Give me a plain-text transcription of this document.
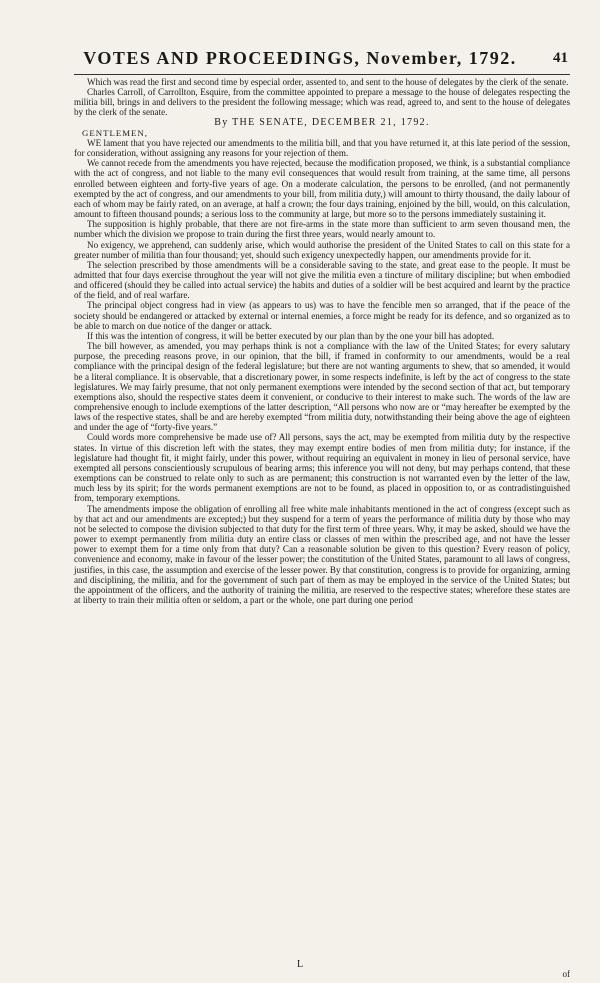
VOTES AND PROCEEDINGS, November, 1792.	41

Which was read the first and second time by especial order, assented to, and sent to the house of delegates by the clerk of the senate.

Charles Carroll, of Carrollton, Esquire, from the committee appointed to prepare a message to the house of delegates respecting the militia bill, brings in and delivers to the president the following message; which was read, agreed to, and sent to the house of delegates by the clerk of the senate.

By THE SENATE, DECEMBER 21, 1792.

GENTLEMEN,

WE lament that you have rejected our amendments to the militia bill, and that you have returned it, at this late period of the session, for consideration, without assigning any reasons for your rejection of them.

We cannot recede from the amendments you have rejected, because the modification proposed, we think, is a substantial compliance with the act of congress, and not liable to the many evil consequences that would result from training, at the same time, all persons enrolled between eighteen and forty-five years of age. On a moderate calculation, the persons to be enrolled, (and not permanently exempted by the act of congress, and our amendments to your bill, from militia duty,) will amount to thirty thousand, the daily labour of each of whom may be fairly rated, on an average, at half a crown; the four days training, enjoined by the bill, would, on this calculation, amount to fifteen thousand pounds; a serious loss to the community at large, but more so to the persons immediately sustaining it.

The supposition is highly probable, that there are not fire-arms in the state more than sufficient to arm seven thousand men, the number which the division we propose to train during the first three years, would nearly amount to.

No exigency, we apprehend, can suddenly arise, which would authorise the president of the United States to call on this state for a greater number of militia than four thousand; yet, should such exigency unexpectedly happen, our amendments provide for it.

The selection prescribed by those amendments will be a considerable saving to the state, and great ease to the people. It must be admitted that four days exercise throughout the year will not give the militia even a tincture of military discipline; but when embodied and officered (should they be called into actual service) the habits and duties of a soldier will be best acquired and learnt by the practice of the field, and of real warfare.

The principal object congress had in view (as appears to us) was to have the fencible men so arranged, that if the peace of the society should be endangered or attacked by external or internal enemies, a force might be ready for its defence, and so organized as to be able to march on due notice of the danger or attack.

If this was the intention of congress, it will be better executed by our plan than by the one your bill has adopted.

The bill however, as amended, you may perhaps think is not a compliance with the law of the United States; for every salutary purpose, the preceding reasons prove, in our opinion, that the bill, if framed in conformity to our amendments, would be a real compliance with the principal design of the federal legislature; but there are not wanting arguments to shew, that so amended, it would be a literal compliance. It is observable, that a discretionary power, in some respects indefinite, is left by the act of congress to the state legislatures. We may fairly presume, that not only permanent exemptions were intended by the second section of that act, but temporary exemptions also, should the respective states deem it convenient, or conducive to their interest to make such. The words of the law are comprehensive enough to include exemptions of the latter description, “All persons who now are or “may hereafter be exempted by the laws of the respective states, shall be and are hereby exempted “from militia duty, notwithstanding their being above the age of eighteen and under the age of “forty-five years.”

Could words more comprehensive be made use of? All persons, says the act, may be exempted from militia duty by the respective states. In virtue of this discretion left with the states, they may exempt entire bodies of men from militia duty; for instance, if the legislature had thought fit, it might fairly, under this power, without requiring an equivalent in money in lieu of personal service, have exempted all persons conscientiously scrupulous of bearing arms; this inference you will not deny, but may perhaps contend, that these exemptions can be construed to relate only to such as are permanent; this construction is not warranted even by the letter of the law, much less by its spirit; for the words permanent exemptions are not to be found, as placed in opposition to, or as contradistinguished from, temporary exemptions.

The amendments impose the obligation of enrolling all free white male inhabitants mentioned in the act of congress (except such as by that act and our amendments are excepted;) but they suspend for a term of years the performance of militia duty by those who may not be selected to compose the division subjected to that duty for the first term of three years. Why, it may be asked, should we have the power to exempt permanently from militia duty an entire class or classes of men within the prescribed age, and not have the lesser power to exempt them for a time only from that duty? Can a reasonable solution be given to this question? Every reason of policy, convenience and economy, make in favour of the lesser power; the constitution of the United States, paramount to all laws of congress, justifies, in this case, the assumption and exercise of the lesser power. By that constitution, congress is to provide for organizing, arming and disciplining, the militia, and for the government of such part of them as may be employed in the service of the United States; but the appointment of the officers, and the authority of training the militia, are reserved to the respective states; wherefore these states are at liberty to train their militia often or seldom, a part or the whole, one part during one period

L
of
